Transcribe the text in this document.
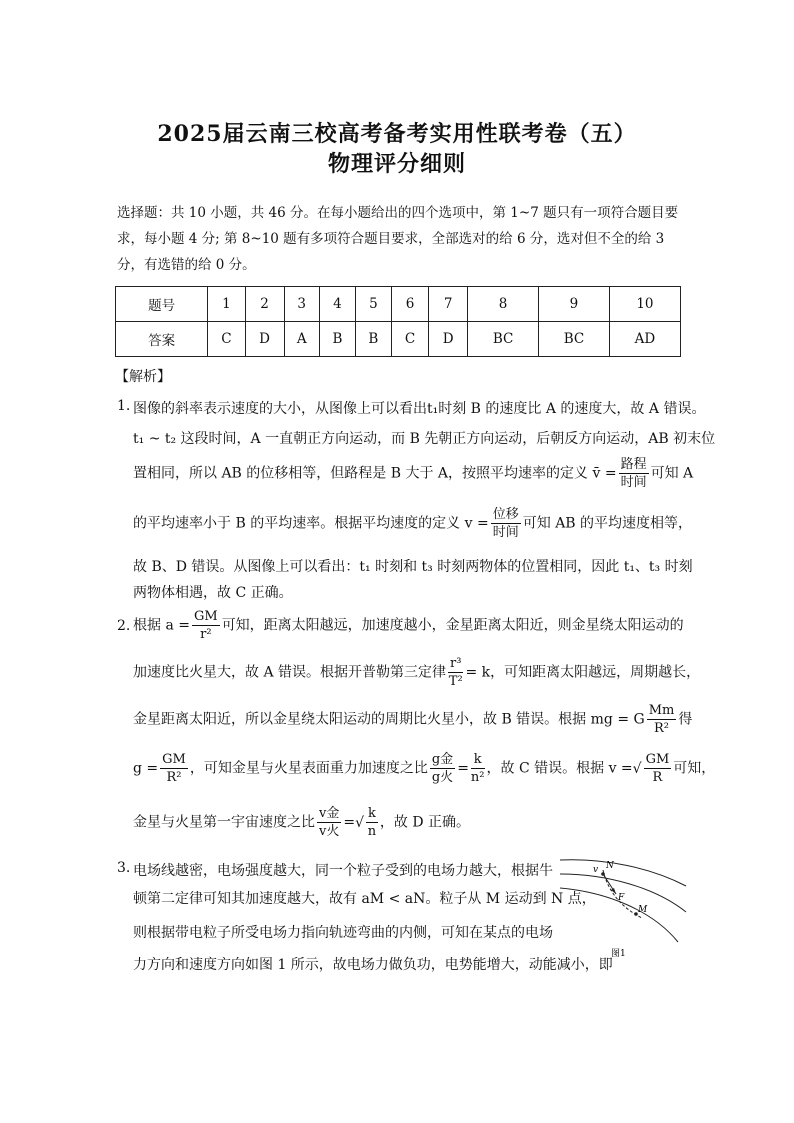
2025届云南三校高考备考实用性联考卷（五）
物理评分细则
选择题：共 10 小题，共 46 分。在每小题给出的四个选项中，第 1~7 题只有一项符合题目要求，每小题 4 分; 第 8~10 题有多项符合题目要求，全部选对的给 6 分，选对但不全的给 3 分，有选错的给 0 分。
题号	1	2	3	4	5	6	7	8	9	10
答案	C	D	A	B	B	C	D	BC	BC	AD
【解析】
1. 图像的斜率表示速度的大小，从图像上可以看出t₁时刻 B 的速度比 A 的速度大，故 A 错误。
t₁ ~ t₂ 这段时间，A 一直朝正方向运动，而 B 先朝正方向运动，后朝反方向运动，AB 初末位
置相同，所以 AB 的位移相等，但路程是 B 大于 A，按照平均速率的定义 v̄ = $\frac{\text{路程}}{\text{时间}}$ 可知 A
的平均速率小于 B 的平均速率。根据平均速度的定义 $v = \frac{\text{位移}}{\text{时间}}$ 可知 AB 的平均速度相等，
故 B、D 错误。从图像上可以看出：t₁ 时刻和 t₃ 时刻两物体的位置相同，因此 t₁、t₃ 时刻
两物体相遇，故 C 正确。
2. 根据 $a = \frac{GM}{\text{r²}}$ 可知，距离太阳越远，加速度越小，金星距离太阳近，则金星绕太阳运动的
加速度比火星大，故 A 错误。根据开普勒第三定律 $\frac{\text{r³}}{\text{T²}} = k$，可知距离太阳越远，周期越长，
金星距离太阳近，所以金星绕太阳运动的周期比火星小，故 B 错误。根据 mg = G $\frac{Mm}{\text{R²}}$ 得
$g = \frac{GM}{\text{R²}}$ ，可知金星与火星表面重力加速度之比 $\frac{\text{g金}}{\text{g火}} = \frac{k}{\text{n²}}$ ，故 C 错误。根据 v =√ $\frac{GM}{R}$ 可知，
金星与火星第一宇宙速度之比 $\frac{\text{v金}}{\text{v火}}$ =√ $\frac{k}{n}$ ，故 D 正确。
3. 电场线越密，电场强度越大，同一个粒子受到的电场力越大，根据牛
顿第二定律可知其加速度越大，故有 aM < aN。粒子从 M 运动到 N 点，
则根据带电粒子所受电场力指向轨迹弯曲的内侧，可知在某点的电场
力方向和速度方向如图 1 所示，故电场力做负功，电势能增大，动能减小，即
v N
F
M
图1
